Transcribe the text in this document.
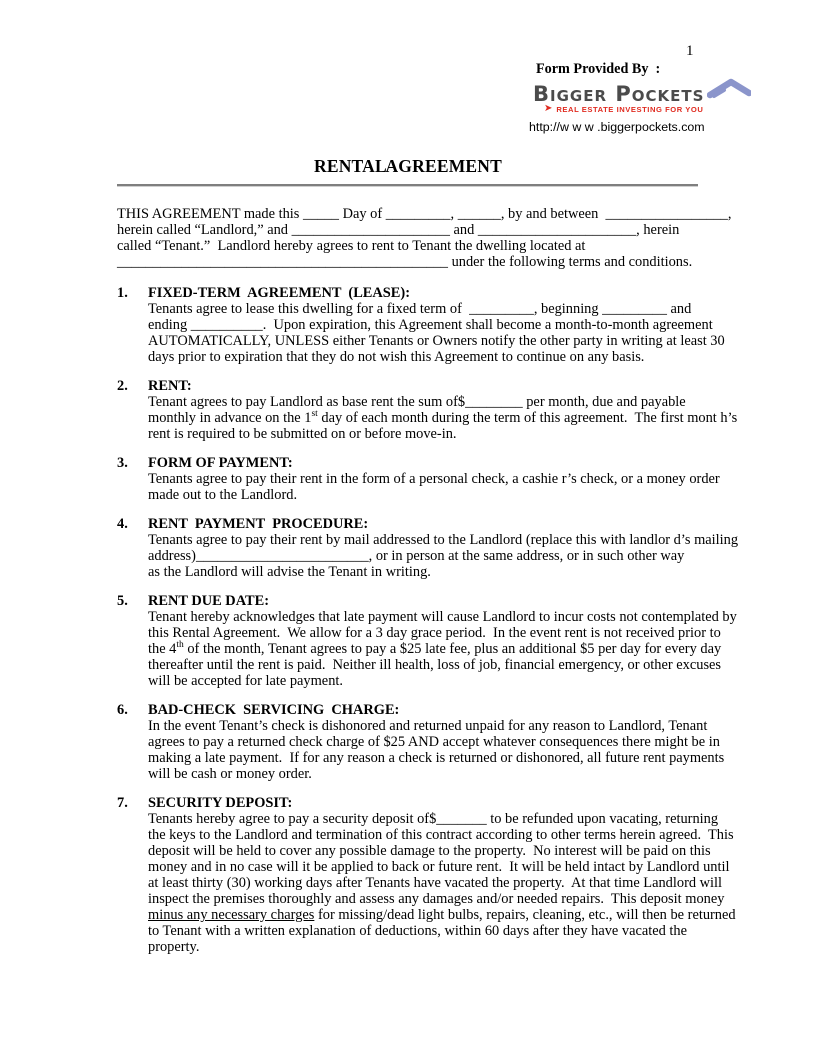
1
Form Provided By  :
Bigger Pockets
➤ REAL ESTATE INVESTING FOR YOU
http://w w w .biggerpockets.com
RENTAL AGREEMENT
THIS AGREEMENT made this _____ Day of _________, ______, by and between  _________________,
herein called “Landlord,” and ______________________ and ______________________, herein
called “Tenant.”  Landlord hereby agrees to rent to Tenant the dwelling located at
______________________________________________ under the following terms and conditions.
1.	FIXED-TERM  AGREEMENT  (LEASE):
Tenants agree to lease this dwelling for a fixed term of  _________, beginning _________ and
ending __________.  Upon expiration, this Agreement shall become a month-to-month agreement
AUTOMATICALLY, UNLESS either Tenants or Owners notify the other party in writing at least 30
days prior to expiration that they do not wish this Agreement to continue on any basis.
2.	RENT:
Tenant agrees to pay Landlord as base rent the sum of$________ per month, due and payable
monthly in advance on the 1st day of each month during the term of this agreement.  The first mont h’s
rent is required to be submitted on or before move-in.
3.	FORM OF PAYMENT:
Tenants agree to pay their rent in the form of a personal check, a cashie r’s check, or a money order
made out to the Landlord.
4.	RENT  PAYMENT  PROCEDURE:
Tenants agree to pay their rent by mail addressed to the Landlord (replace this with landlor d’s mailing
address)________________________, or in person at the same address, or in such other way
as the Landlord will advise the Tenant in writing.
5.	RENT DUE DATE:
Tenant hereby acknowledges that late payment will cause Landlord to incur costs not contemplated by
this Rental Agreement.  We allow for a 3 day grace period.  In the event rent is not received prior to
the 4th of the month, Tenant agrees to pay a $25 late fee, plus an additional $5 per day for every day
thereafter until the rent is paid.  Neither ill health, loss of job, financial emergency, or other excuses
will be accepted for late payment.
6.	BAD-CHECK  SERVICING  CHARGE:
In the event Tenant’s check is dishonored and returned unpaid for any reason to Landlord, Tenant
agrees to pay a returned check charge of $25 AND accept whatever consequences there might be in
making a late payment.  If for any reason a check is returned or dishonored, all future rent payments
will be cash or money order.
7.	SECURITY DEPOSIT:
Tenants hereby agree to pay a security deposit of$_______ to be refunded upon vacating, returning
the keys to the Landlord and termination of this contract according to other terms herein agreed.  This
deposit will be held to cover any possible damage to the property.  No interest will be paid on this
money and in no case will it be applied to back or future rent.  It will be held intact by Landlord until
at least thirty (30) working days after Tenants have vacated the property.  At that time Landlord will
inspect the premises thoroughly and assess any damages and/or needed repairs.  This deposit money
minus any necessary charges for missing/dead light bulbs, repairs, cleaning, etc., will then be returned
to Tenant with a written explanation of deductions, within 60 days after they have vacated the
property.
